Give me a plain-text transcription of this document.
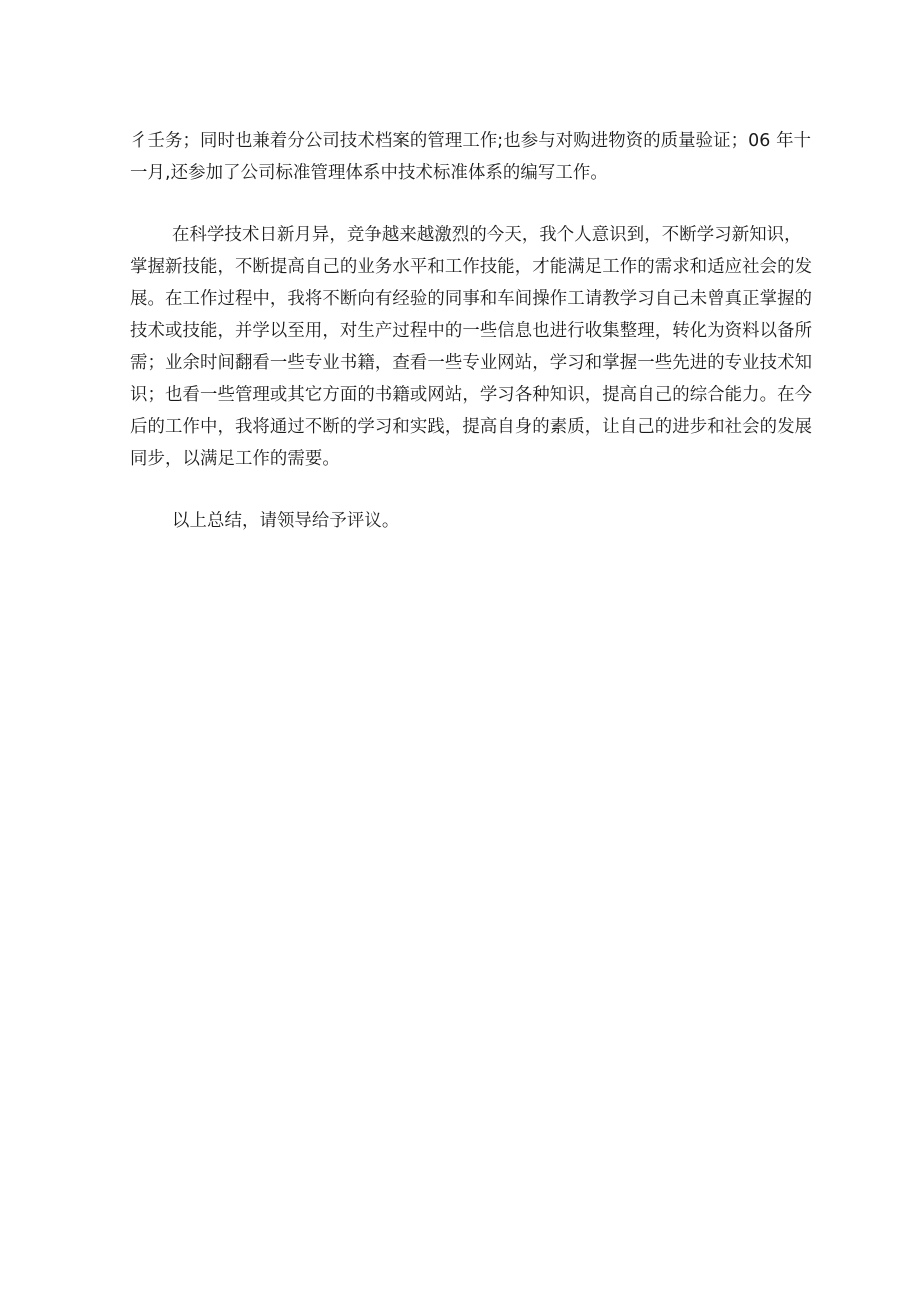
彳壬务；同时也兼着分公司技术档案的管理工作;也参与对购进物资的质量验证；06 年十
一月,还参加了公司标准管理体系中技术标准体系的编写工作。
在科学技术日新月异，竞争越来越激烈的今天，我个人意识到，不断学习新知识，
掌握新技能，不断提高自己的业务水平和工作技能，才能满足工作的需求和适应社会的发
展。在工作过程中，我将不断向有经验的同事和车间操作工请教学习自己未曾真正掌握的
技术或技能，并学以至用，对生产过程中的一些信息也进行收集整理，转化为资料以备所
需；业余时间翻看一些专业书籍，查看一些专业网站，学习和掌握一些先进的专业技术知
识；也看一些管理或其它方面的书籍或网站，学习各种知识，提高自己的综合能力。在今
后的工作中，我将通过不断的学习和实践，提高自身的素质，让自己的进步和社会的发展
同步，以满足工作的需要。
以上总结，请领导给予评议。
